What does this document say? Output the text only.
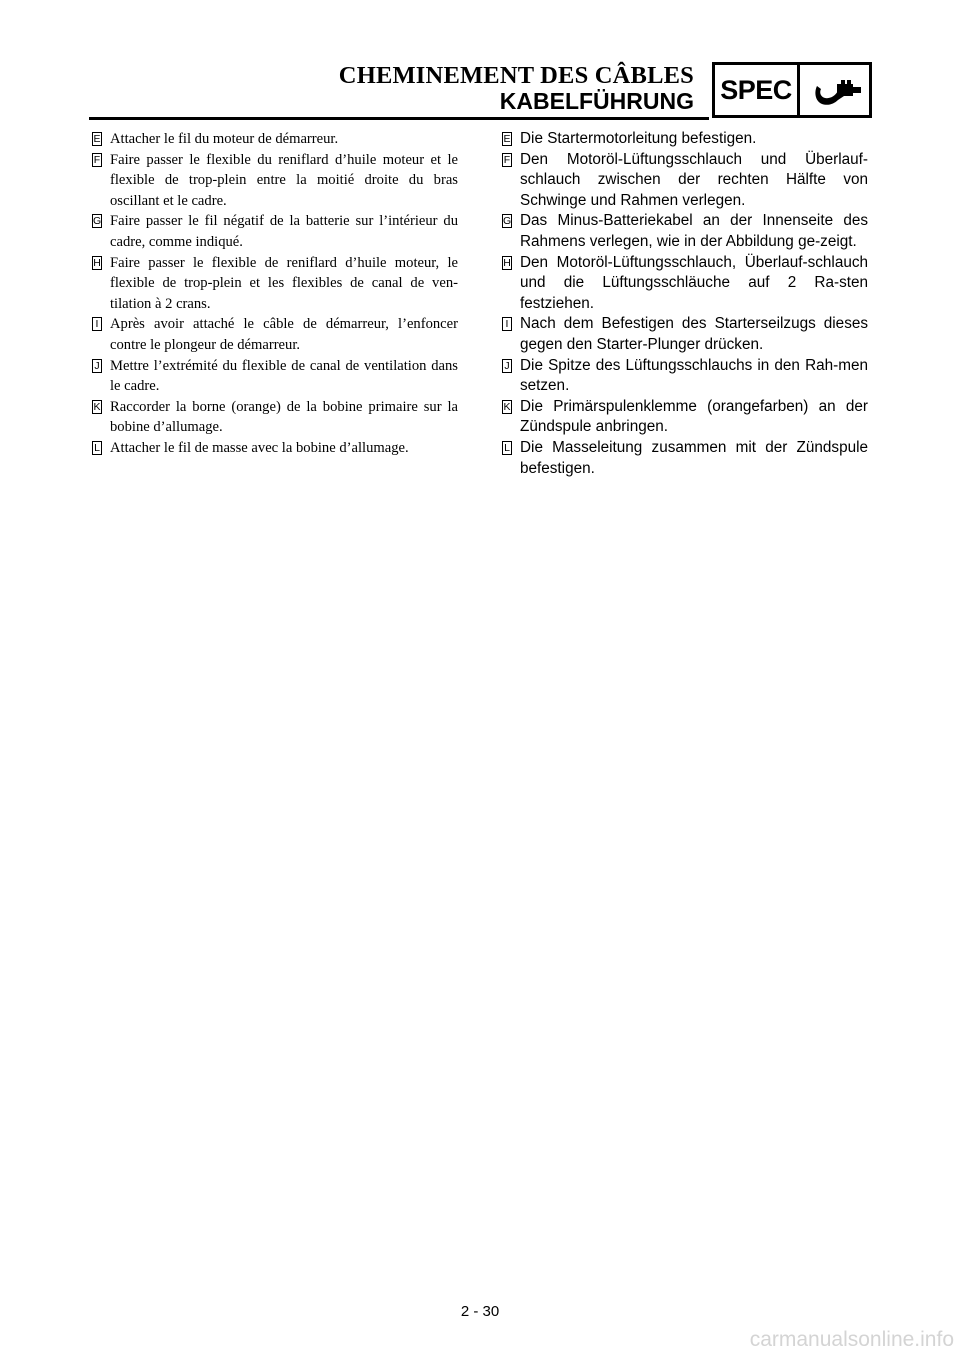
CHEMINEMENT DES CÂBLES
KABELFÜHRUNG SPEC
E Attacher le fil du moteur de démarreur.
F Faire passer le flexible du reniflard d’huile moteur et le flexible de trop-plein entre la moitié droite du bras oscillant et le cadre.
G Faire passer le fil négatif de la batterie sur l’intérieur du cadre, comme indiqué.
H Faire passer le flexible de reniflard d’huile moteur, le flexible de trop-plein et les flexibles de canal de ven-tilation à 2 crans.
I Après avoir attaché le câble de démarreur, l’enfoncer contre le plongeur de démarreur.
J Mettre l’extrémité du flexible de canal de ventilation dans le cadre.
K Raccorder la borne (orange) de la bobine primaire sur la bobine d’allumage.
L Attacher le fil de masse avec la bobine d’allumage.
E Die Startermotorleitung befestigen.
F Den Motoröl-Lüftungsschlauch und Überlauf-schlauch zwischen der rechten Hälfte von Schwinge und Rahmen verlegen.
G Das Minus-Batteriekabel an der Innenseite des Rahmens verlegen, wie in der Abbildung ge-zeigt.
H Den Motoröl-Lüftungsschlauch, Überlauf-schlauch und die Lüftungsschläuche auf 2 Ra-sten festziehen.
I Nach dem Befestigen des Starterseilzugs dieses gegen den Starter-Plunger drücken.
J Die Spitze des Lüftungsschlauchs in den Rah-men setzen.
K Die Primärspulenklemme (orangefarben) an der Zündspule anbringen.
L Die Masseleitung zusammen mit der Zündspule befestigen.
2 - 30
carmanualsonline.info
